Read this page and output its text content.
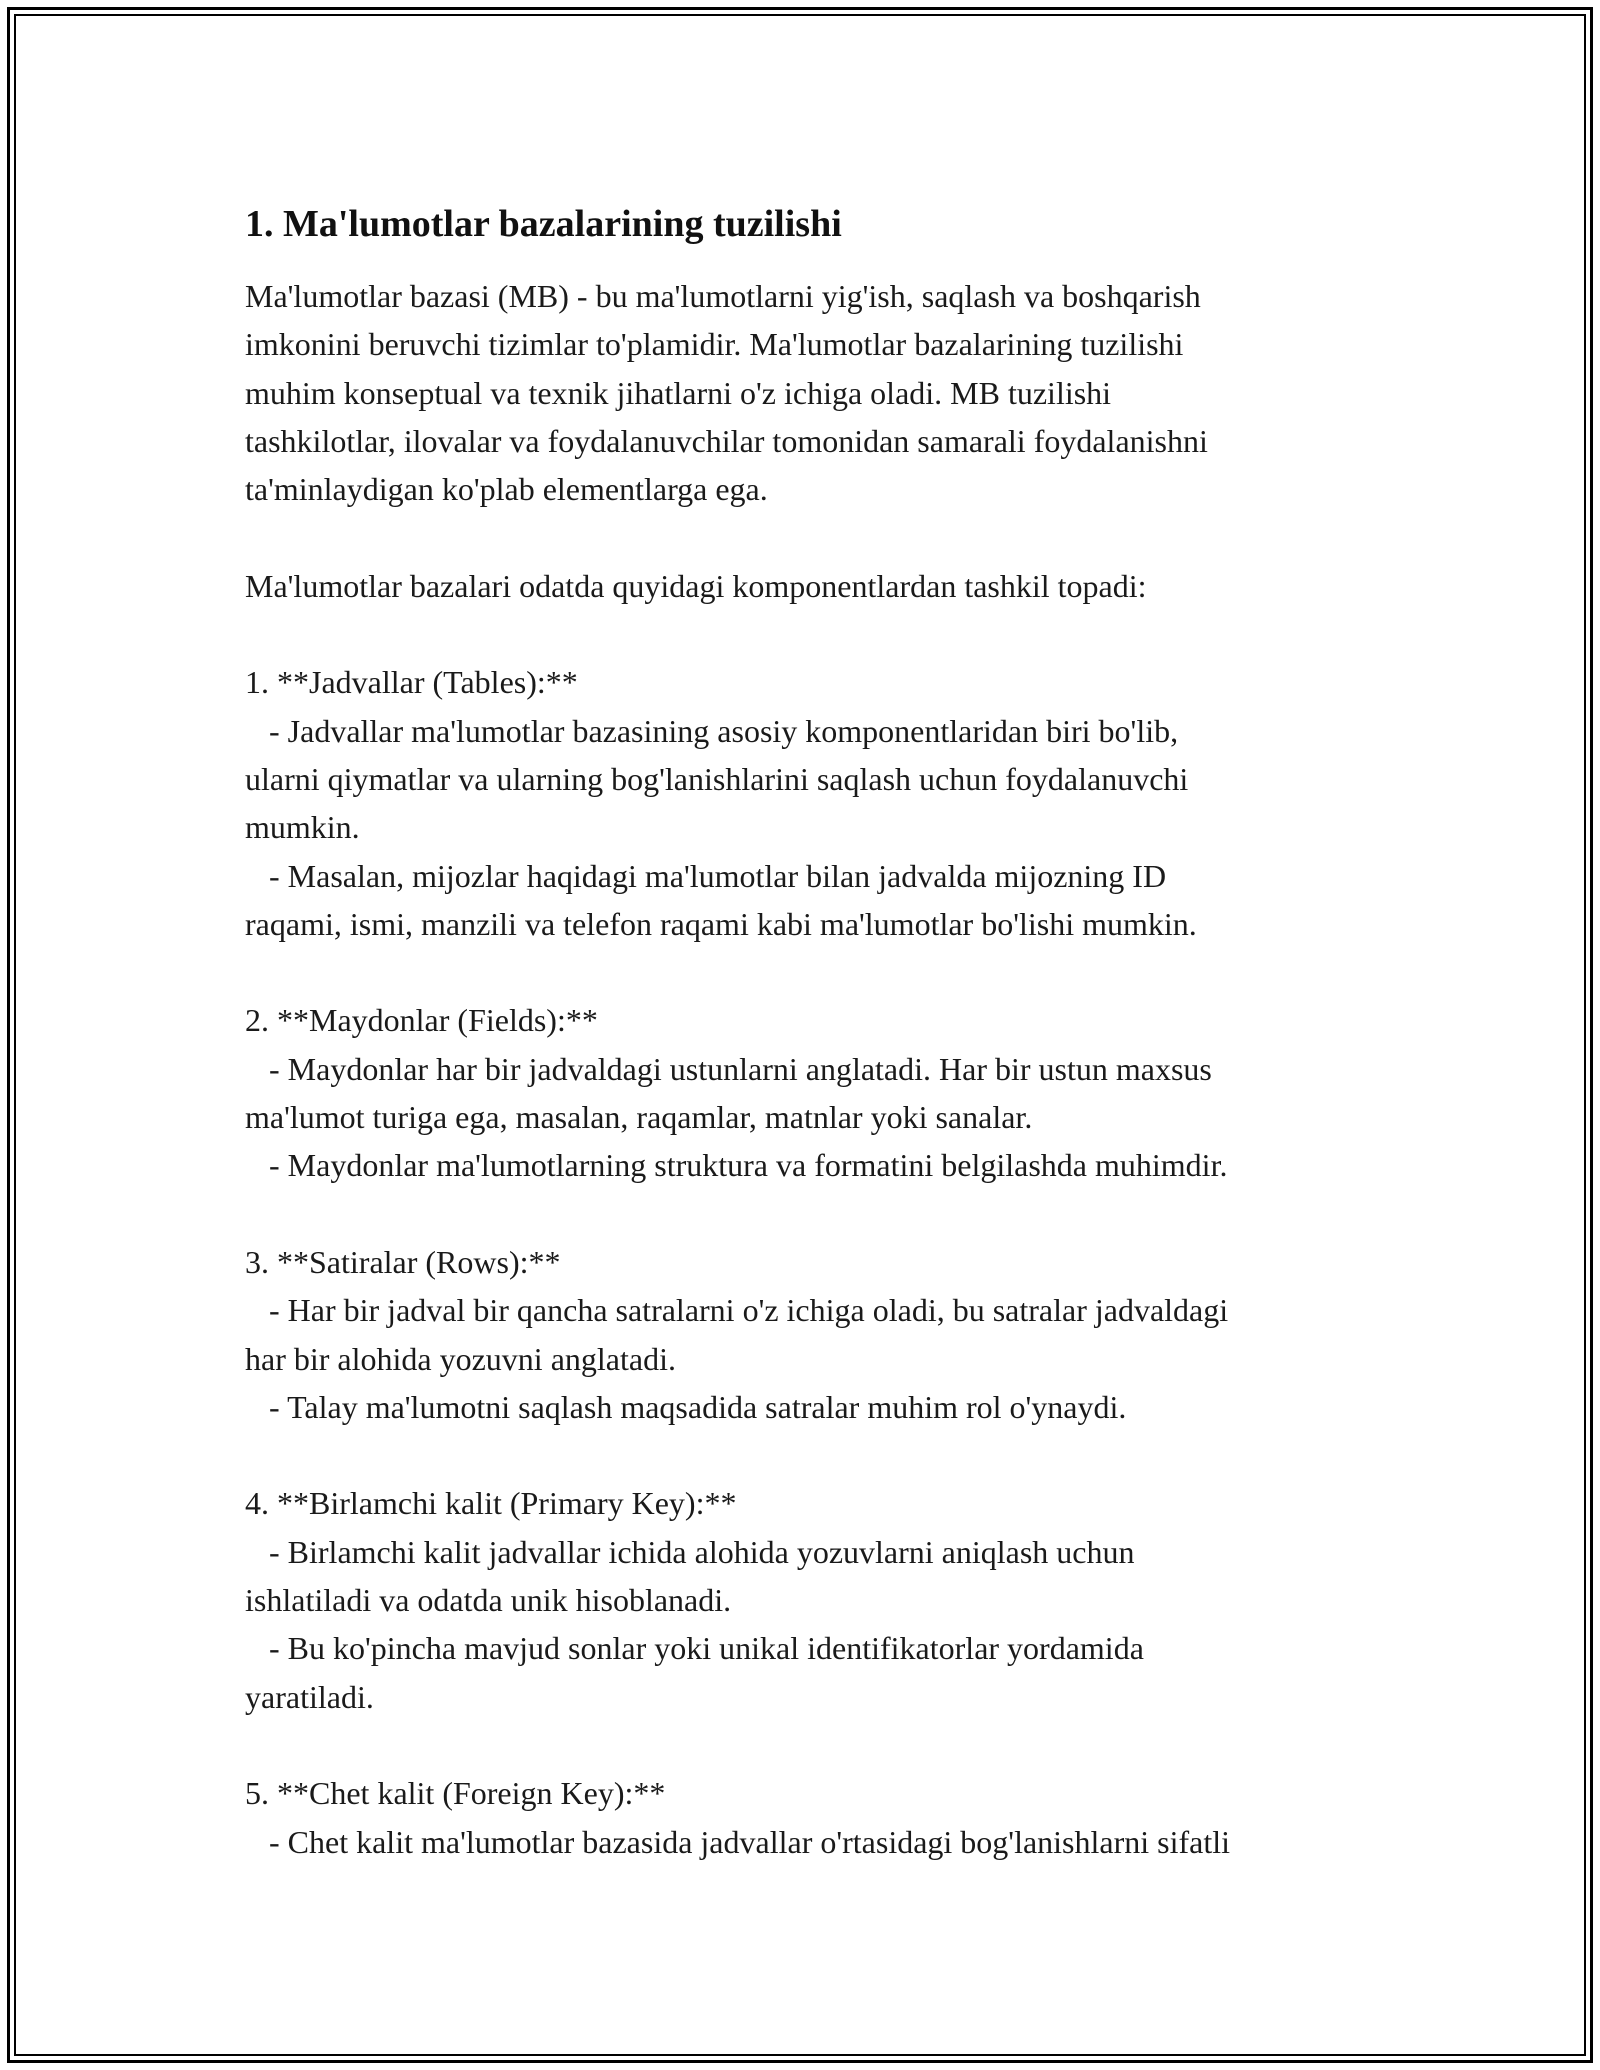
1. Ma'lumotlar bazalarining tuzilishi

Ma'lumotlar bazasi (MB) - bu ma'lumotlarni yig'ish, saqlash va boshqarish
imkonini beruvchi tizimlar to'plamidir. Ma'lumotlar bazalarining tuzilishi
muhim konseptual va texnik jihatlarni o'z ichiga oladi. MB tuzilishi
tashkilotlar, ilovalar va foydalanuvchilar tomonidan samarali foydalanishni
ta'minlaydigan ko'plab elementlarga ega.

Ma'lumotlar bazalari odatda quyidagi komponentlardan tashkil topadi:

1. **Jadvallar (Tables):**
- Jadvallar ma'lumotlar bazasining asosiy komponentlaridan biri bo'lib,
ularni qiymatlar va ularning bog'lanishlarini saqlash uchun foydalanuvchi
mumkin.
- Masalan, mijozlar haqidagi ma'lumotlar bilan jadvalda mijozning ID
raqami, ismi, manzili va telefon raqami kabi ma'lumotlar bo'lishi mumkin.

2. **Maydonlar (Fields):**
- Maydonlar har bir jadvaldagi ustunlarni anglatadi. Har bir ustun maxsus
ma'lumot turiga ega, masalan, raqamlar, matnlar yoki sanalar.
- Maydonlar ma'lumotlarning struktura va formatini belgilashda muhimdir.

3. **Satiralar (Rows):**
- Har bir jadval bir qancha satralarni o'z ichiga oladi, bu satralar jadvaldagi
har bir alohida yozuvni anglatadi.
- Talay ma'lumotni saqlash maqsadida satralar muhim rol o'ynaydi.

4. **Birlamchi kalit (Primary Key):**
- Birlamchi kalit jadvallar ichida alohida yozuvlarni aniqlash uchun
ishlatiladi va odatda unik hisoblanadi.
- Bu ko'pincha mavjud sonlar yoki unikal identifikatorlar yordamida
yaratiladi.

5. **Chet kalit (Foreign Key):**
- Chet kalit ma'lumotlar bazasida jadvallar o'rtasidagi bog'lanishlarni sifatli
